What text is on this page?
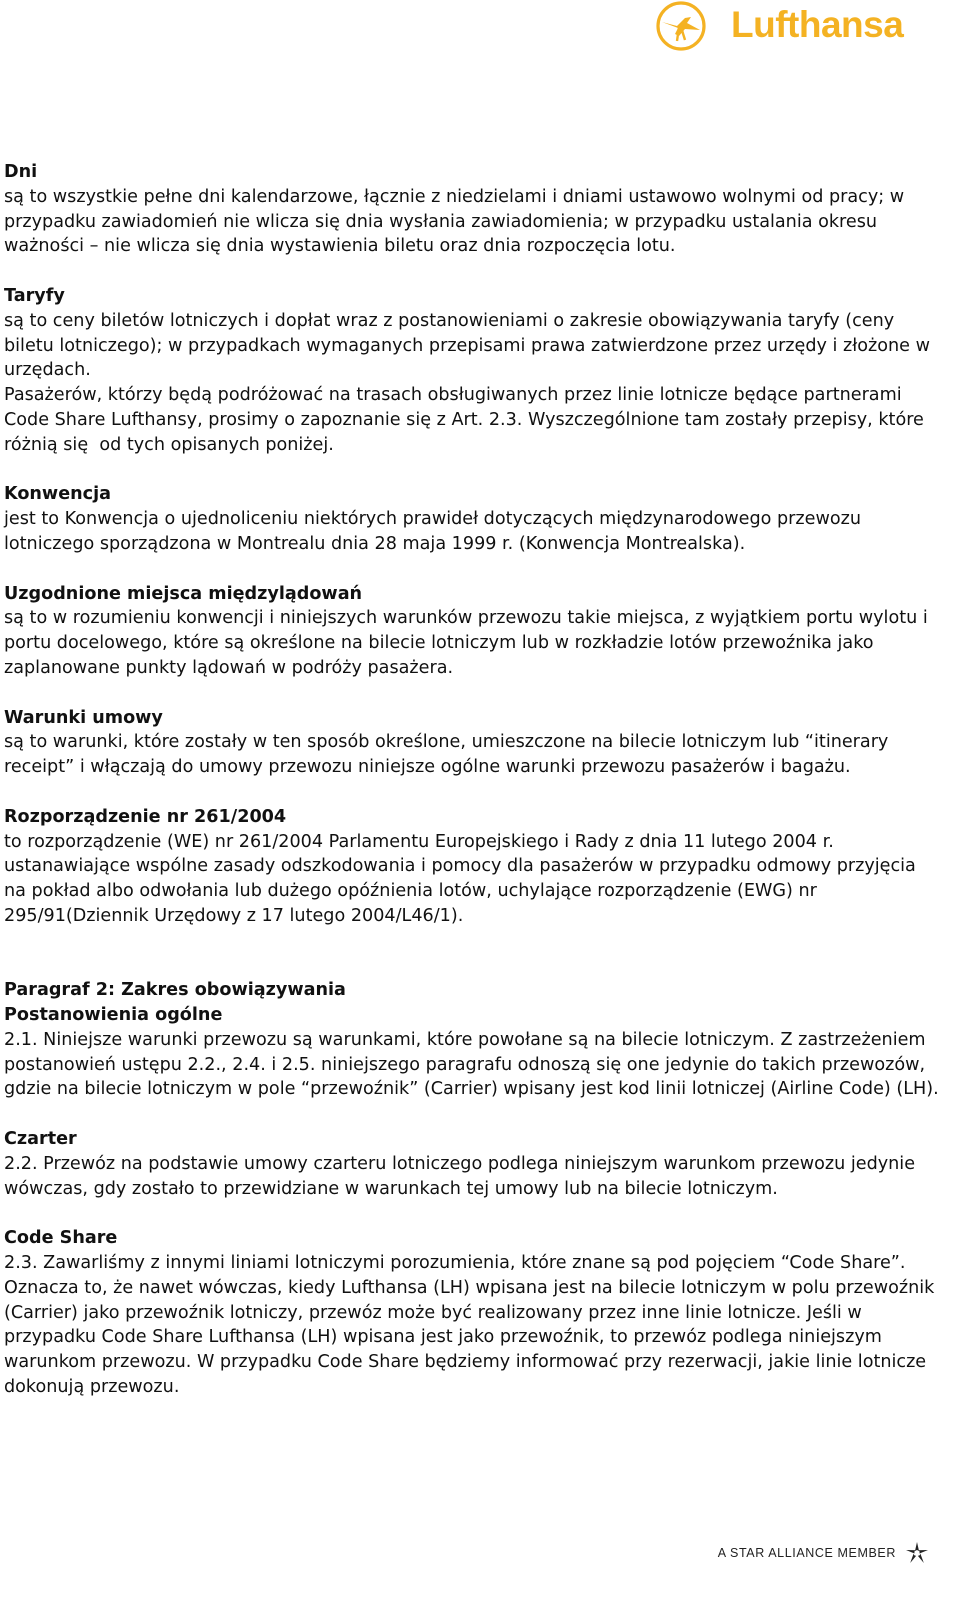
Lufthansa

Dni

są to wszystkie pełne dni kalendarzowe, łącznie z niedzielami i dniami ustawowo wolnymi od pracy; w przypadku zawiadomień nie wlicza się dnia wysłania zawiadomienia; w przypadku ustalania okresu ważności – nie wlicza się dnia wystawienia biletu oraz dnia rozpoczęcia lotu.

Taryfy

są to ceny biletów lotniczych i dopłat wraz z postanowieniami o zakresie obowiązywania taryfy (ceny biletu lotniczego); w przypadkach wymaganych przepisami prawa zatwierdzone przez urzędy i złożone w urzędach.

Pasażerów, którzy będą podróżować na trasach obsługiwanych przez linie lotnicze będące partnerami Code Share Lufthansy, prosimy o zapoznanie się z Art. 2.3. Wyszczególnione tam zostały przepisy, które różnią się  od tych opisanych poniżej.

Konwencja

jest to Konwencja o ujednoliceniu niektórych prawideł dotyczących międzynarodowego przewozu lotniczego sporządzona w Montrealu dnia 28 maja 1999 r. (Konwencja Montrealska).

Uzgodnione miejsca międzylądowań

są to w rozumieniu konwencji i niniejszych warunków przewozu takie miejsca, z wyjątkiem portu wylotu i portu docelowego, które są określone na bilecie lotniczym lub w rozkładzie lotów przewoźnika jako zaplanowane punkty lądowań w podróży pasażera.

Warunki umowy

są to warunki, które zostały w ten sposób określone, umieszczone na bilecie lotniczym lub “itinerary receipt” i włączają do umowy przewozu niniejsze ogólne warunki przewozu pasażerów i bagażu.

Rozporządzenie nr 261/2004

to rozporządzenie (WE) nr 261/2004 Parlamentu Europejskiego i Rady z dnia 11 lutego 2004 r. ustanawiające wspólne zasady odszkodowania i pomocy dla pasażerów w przypadku odmowy przyjęcia na pokład albo odwołania lub dużego opóźnienia lotów, uchylające rozporządzenie (EWG) nr 295/91(Dziennik Urzędowy z 17 lutego 2004/L46/1).

Paragraf 2: Zakres obowiązywania

Postanowienia ogólne

2.1. Niniejsze warunki przewozu są warunkami, które powołane są na bilecie lotniczym. Z zastrzeżeniem postanowień ustępu 2.2., 2.4. i 2.5. niniejszego paragrafu odnoszą się one jedynie do takich przewozów, gdzie na bilecie lotniczym w pole “przewoźnik” (Carrier) wpisany jest kod linii lotniczej (Airline Code) (LH).

Czarter

2.2. Przewóz na podstawie umowy czarteru lotniczego podlega niniejszym warunkom przewozu jedynie wówczas, gdy zostało to przewidziane w warunkach tej umowy lub na bilecie lotniczym.

Code Share

2.3. Zawarliśmy z innymi liniami lotniczymi porozumienia, które znane są pod pojęciem “Code Share”. Oznacza to, że nawet wówczas, kiedy Lufthansa (LH) wpisana jest na bilecie lotniczym w polu przewoźnik (Carrier) jako przewoźnik lotniczy, przewóz może być realizowany przez inne linie lotnicze. Jeśli w przypadku Code Share Lufthansa (LH) wpisana jest jako przewoźnik, to przewóz podlega niniejszym warunkom przewozu. W przypadku Code Share będziemy informować przy rezerwacji, jakie linie lotnicze dokonują przewozu.

A STAR ALLIANCE MEMBER
